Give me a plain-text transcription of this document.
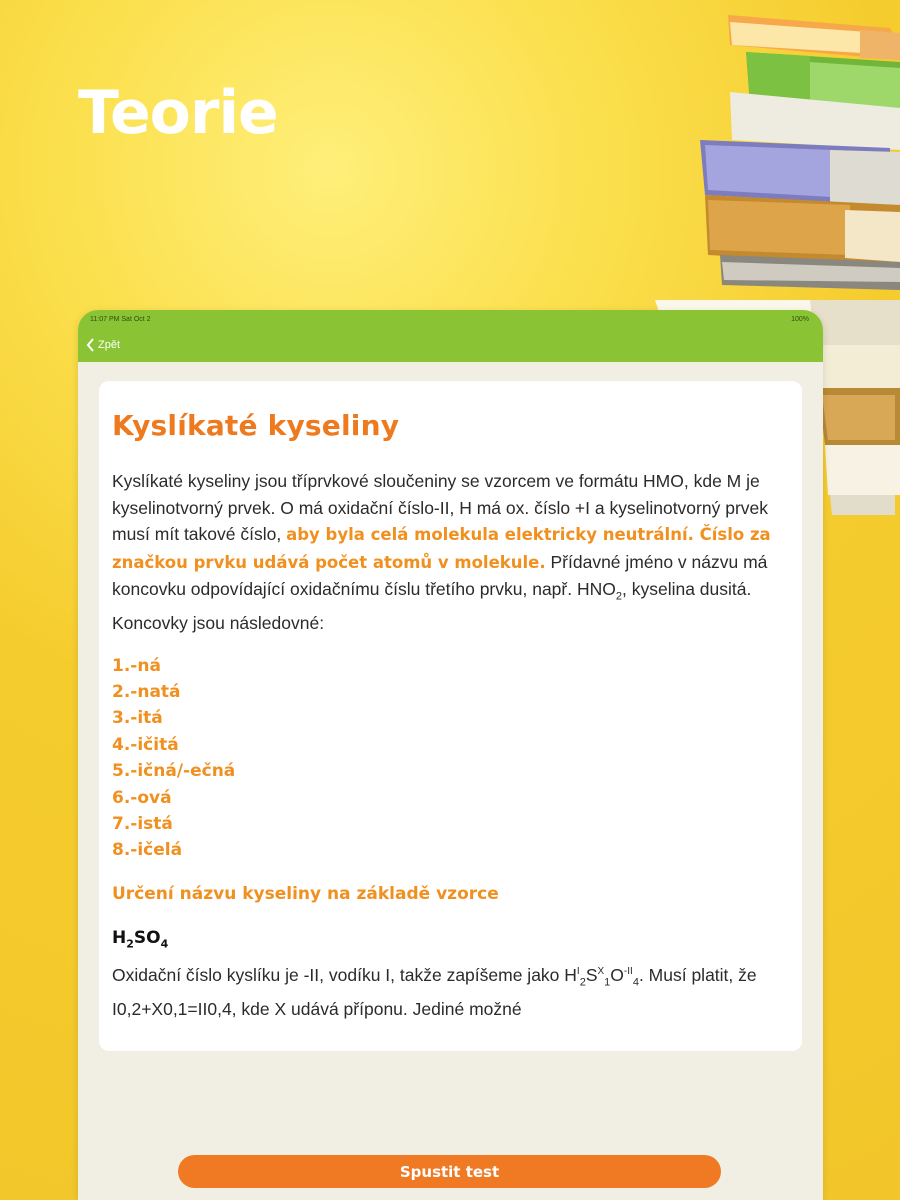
Teorie
11:07 PM Sat Oct 2	100%
Zpět
Kyslíkaté kyseliny

Kyslíkaté kyseliny jsou tříprvkové sloučeniny se vzorcem ve formátu HMO, kde M je kyselinotvorný prvek. O má oxidační číslo-II, H má ox. číslo +I a kyselinotvorný prvek musí mít takové číslo, aby byla celá molekula elektricky neutrální. Číslo za značkou prvku udává počet atomů v molekule. Přídavné jméno v názvu má koncovku odpovídající oxidačnímu číslu třetího prvku, např. $HNO_2$, kyselina dusitá. Koncovky jsou následovné:

1.-ná
2.-natá
3.-itá
4.-ičitá
5.-ičná/-ečná
6.-ová
7.-istá
8.-ičelá

Určení názvu kyseliny na základě vzorce

$H_2SO_4$

Oxidační číslo kyslíku je -II, vodíku I, takže zapíšeme jako $H^I_2S^X_1O^{-II}_4$. Musí platit, že I0,2+X0,1=II0,4, kde X udává příponu. Jediné možné

Spustit test
